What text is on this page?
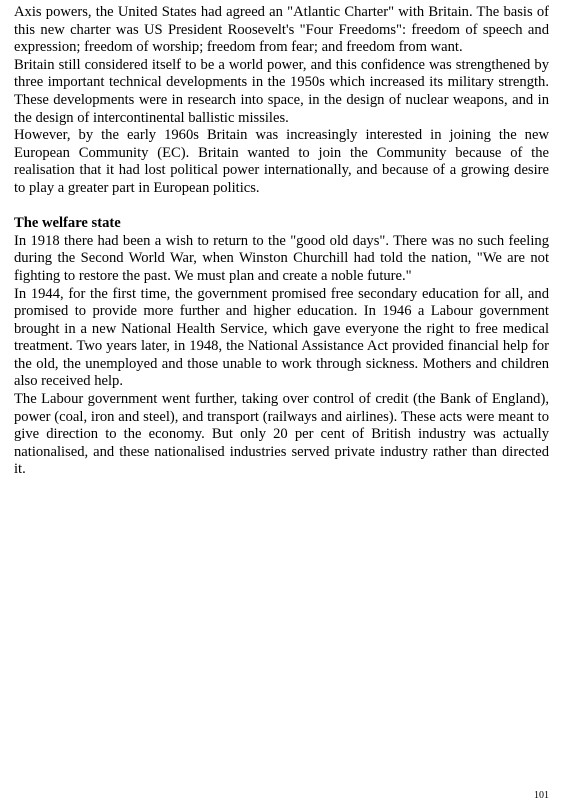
Axis powers, the United States had agreed an "Atlantic Charter" with Britain. The basis of this new charter was US President Roosevelt's "Four Freedoms": freedom of speech and expression; freedom of worship; freedom from fear; and freedom from want.

Britain still considered itself to be a world power, and this confidence was strengthened by three important technical developments in the 1950s which increased its military strength. These developments were in research into space, in the design of nuclear weapons, and in the design of intercontinental ballistic missiles.

However, by the early 1960s Britain was increasingly interested in joining the new European Community (EC). Britain wanted to join the Community because of the realisation that it had lost political power internationally, and because of a growing desire to play a greater part in European politics.

The welfare state

In 1918 there had been a wish to return to the "good old days". There was no such feeling during the Second World War, when Winston Churchill had told the nation, "We are not fighting to restore the past. We must plan and create a noble future."

In 1944, for the first time, the government promised free secondary education for all, and promised to provide more further and higher education. In 1946 a Labour government brought in a new National Health Service, which gave everyone the right to free medical treatment. Two years later, in 1948, the National Assistance Act provided financial help for the old, the unemployed and those unable to work through sickness. Mothers and children also received help.

The Labour government went further, taking over control of credit (the Bank of England), power (coal, iron and steel), and transport (railways and airlines). These acts were meant to give direction to the economy. But only 20 per cent of British industry was actually nationalised, and these nationalised industries served private industry rather than directed it.

101
